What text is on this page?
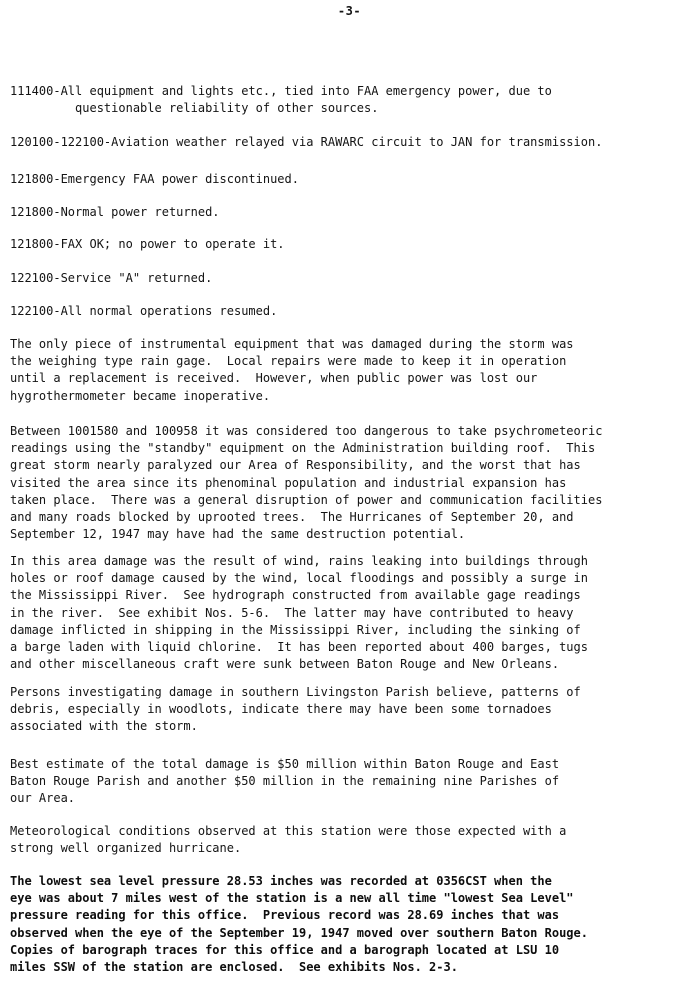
-3-
111400-All equipment and lights etc., tied into FAA emergency power, due to
questionable reliability of other sources.
120100-122100-Aviation weather relayed via RAWARC circuit to JAN for transmission.
121800-Emergency FAA power discontinued.
121800-Normal power returned.
121800-FAX OK; no power to operate it.
122100-Service "A" returned.
122100-All normal operations resumed.
The only piece of instrumental equipment that was damaged during the storm was
the weighing type rain gage.  Local repairs were made to keep it in operation
until a replacement is received.  However, when public power was lost our
hygrothermometer became inoperative.
Between 1001580 and 100958 it was considered too dangerous to take psychrometeoric
readings using the "standby" equipment on the Administration building roof.  This
great storm nearly paralyzed our Area of Responsibility, and the worst that has
visited the area since its phenominal population and industrial expansion has
taken place.  There was a general disruption of power and communication facilities
and many roads blocked by uprooted trees.  The Hurricanes of September 20, and
September 12, 1947 may have had the same destruction potential.
In this area damage was the result of wind, rains leaking into buildings through
holes or roof damage caused by the wind, local floodings and possibly a surge in
the Mississippi River.  See hydrograph constructed from available gage readings
in the river.  See exhibit Nos. 5-6.  The latter may have contributed to heavy
damage inflicted in shipping in the Mississippi River, including the sinking of
a barge laden with liquid chlorine.  It has been reported about 400 barges, tugs
and other miscellaneous craft were sunk between Baton Rouge and New Orleans.
Persons investigating damage in southern Livingston Parish believe, patterns of
debris, especially in woodlots, indicate there may have been some tornadoes
associated with the storm.
Best estimate of the total damage is $50 million within Baton Rouge and East
Baton Rouge Parish and another $50 million in the remaining nine Parishes of
our Area.
Meteorological conditions observed at this station were those expected with a
strong well organized hurricane.
The lowest sea level pressure 28.53 inches was recorded at 0356CST when the
eye was about 7 miles west of the station is a new all time "lowest Sea Level"
pressure reading for this office.  Previous record was 28.69 inches that was
observed when the eye of the September 19, 1947 moved over southern Baton Rouge.
Copies of barograph traces for this office and a barograph located at LSU 10
miles SSW of the station are enclosed.  See exhibits Nos. 2-3.
